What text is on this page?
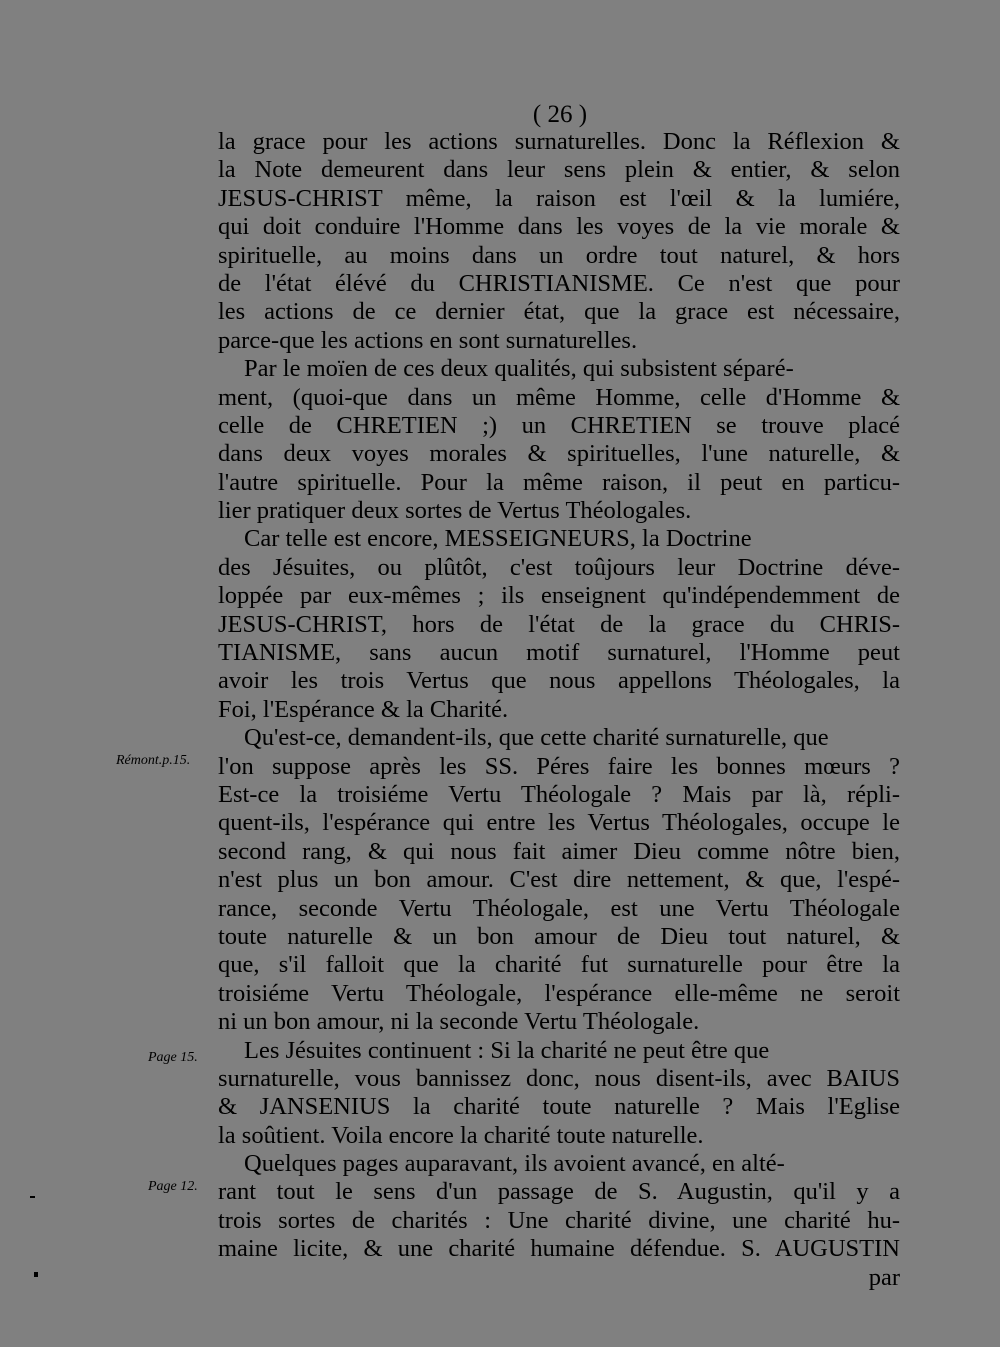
( 26 )
la grace pour les actions surnaturelles. Donc la Réflexion &
la Note demeurent dans leur sens plein & entier, & selon
JESUS-CHRIST même, la raison est l'œil & la lumiére,
qui doit conduire l'Homme dans les voyes de la vie morale &
spirituelle, au moins dans un ordre tout naturel, & hors
de l'état élévé du CHRISTIANISME. Ce n'est que pour
les actions de ce dernier état, que la grace est nécessaire,
parce-que les actions en sont surnaturelles.
Par le moïen de ces deux qualités, qui subsistent séparé-
ment, (quoi-que dans un même Homme, celle d'Homme &
celle de CHRETIEN ;) un CHRETIEN se trouve placé
dans deux voyes morales & spirituelles, l'une naturelle, &
l'autre spirituelle. Pour la même raison, il peut en particu-
lier pratiquer deux sortes de Vertus Théologales.
Car telle est encore, MESSEIGNEURS, la Doctrine
des Jésuites, ou plûtôt, c'est toûjours leur Doctrine déve-
loppée par eux-mêmes ; ils enseignent qu'indépendemment de
JESUS-CHRIST, hors de l'état de la grace du CHRIS-
TIANISME, sans aucun motif surnaturel, l'Homme peut
avoir les trois Vertus que nous appellons Théologales, la
Foi, l'Espérance & la Charité.
Qu'est-ce, demandent-ils, que cette charité surnaturelle, que
l'on suppose après les SS. Péres faire les bonnes mœurs ?
Est-ce la troisiéme Vertu Théologale ? Mais par là, répli-
quent-ils, l'espérance qui entre les Vertus Théologales, occupe le
second rang, & qui nous fait aimer Dieu comme nôtre bien,
n'est plus un bon amour. C'est dire nettement, & que, l'espé-
rance, seconde Vertu Théologale, est une Vertu Théologale
toute naturelle & un bon amour de Dieu tout naturel, &
que, s'il falloit que la charité fut surnaturelle pour être la
troisiéme Vertu Théologale, l'espérance elle-même ne seroit
ni un bon amour, ni la seconde Vertu Théologale.
Les Jésuites continuent : Si la charité ne peut être que
surnaturelle, vous bannissez donc, nous disent-ils, avec BAIUS
& JANSENIUS la charité toute naturelle ? Mais l'Eglise
la soûtient. Voila encore la charité toute naturelle.
Quelques pages auparavant, ils avoient avancé, en alté-
rant tout le sens d'un passage de S. Augustin, qu'il y a
trois sortes de charités : Une charité divine, une charité hu-
maine licite, & une charité humaine défendue. S. AUGUSTIN
par
Rémont.p.15.
Page 15.
Page 12.
